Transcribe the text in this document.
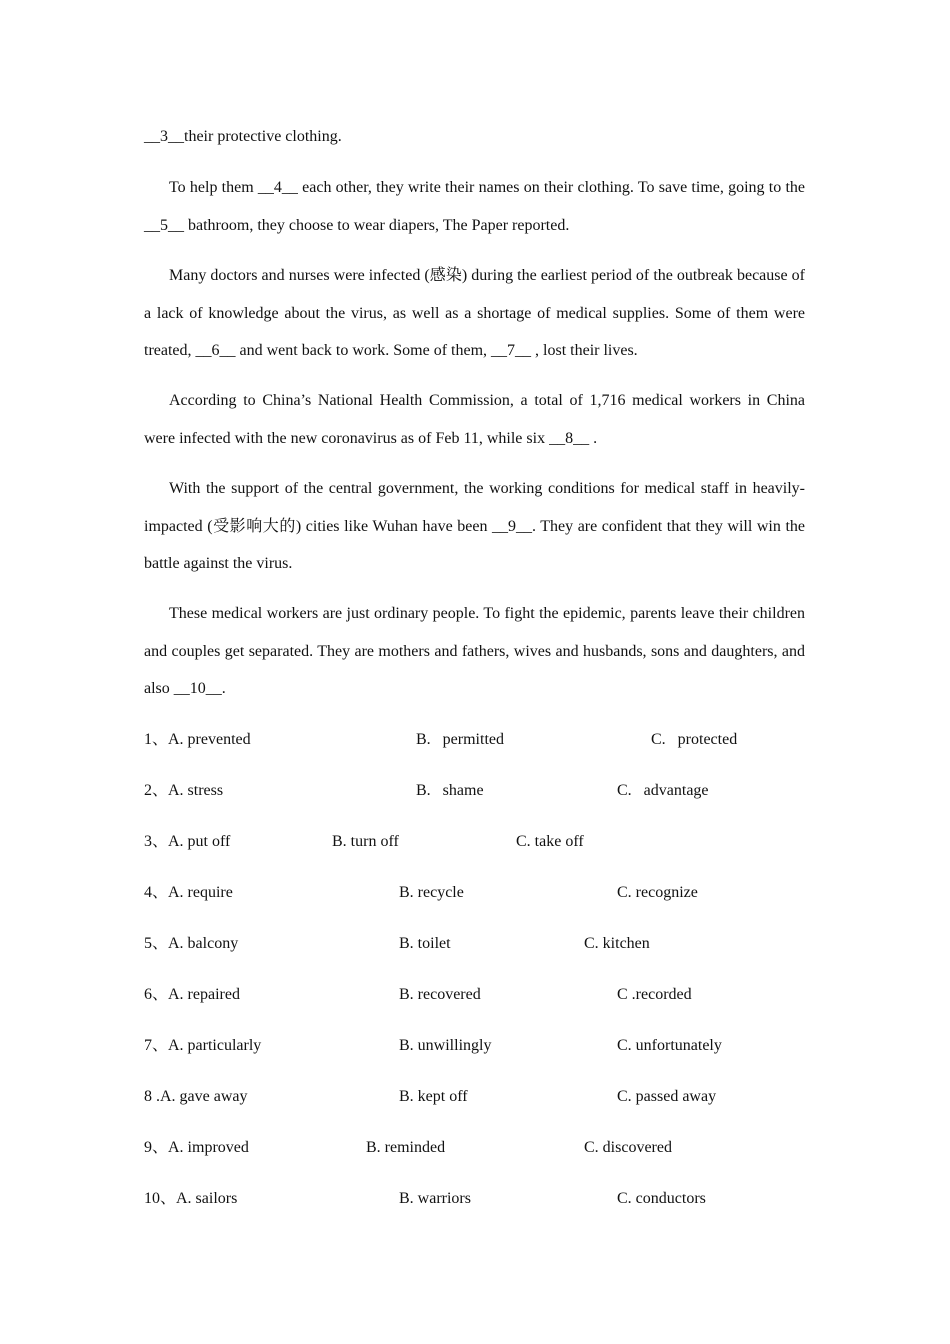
__3__their protective clothing.

To help them __4__ each other, they write their names on their clothing. To save time, going to the __5__ bathroom, they choose to wear diapers, The Paper reported.

Many doctors and nurses were infected (感染) during the earliest period of the outbreak because of a lack of knowledge about the virus, as well as a shortage of medical supplies. Some of them were treated, __6__ and went back to work. Some of them, __7__ , lost their lives.

According to China’s National Health Commission, a total of 1,716 medical workers in China were infected with the new coronavirus as of Feb 11, while six __8__ .

With the support of the central government, the working conditions for medical staff in heavily-impacted (受影响大的) cities like Wuhan have been __9__. They are confident that they will win the battle against the virus.

These medical workers are just ordinary people. To fight the epidemic, parents leave their children and couples get separated. They are mothers and fathers, wives and husbands, sons and daughters, and also __10__.

1、A. prevented	B.   permitted	C.   protected
2、A. stress	B.   shame	C.   advantage
3、A. put off	B. turn off	C. take off
4、A. require	B. recycle	C. recognize
5、A. balcony	B. toilet	C. kitchen
6、A. repaired	B. recovered	C .recorded
7、A. particularly	B. unwillingly	C. unfortunately
8 .A. gave away	B. kept off	C. passed away
9、A. improved	B. reminded	C. discovered
10、A. sailors	B. warriors	C. conductors
